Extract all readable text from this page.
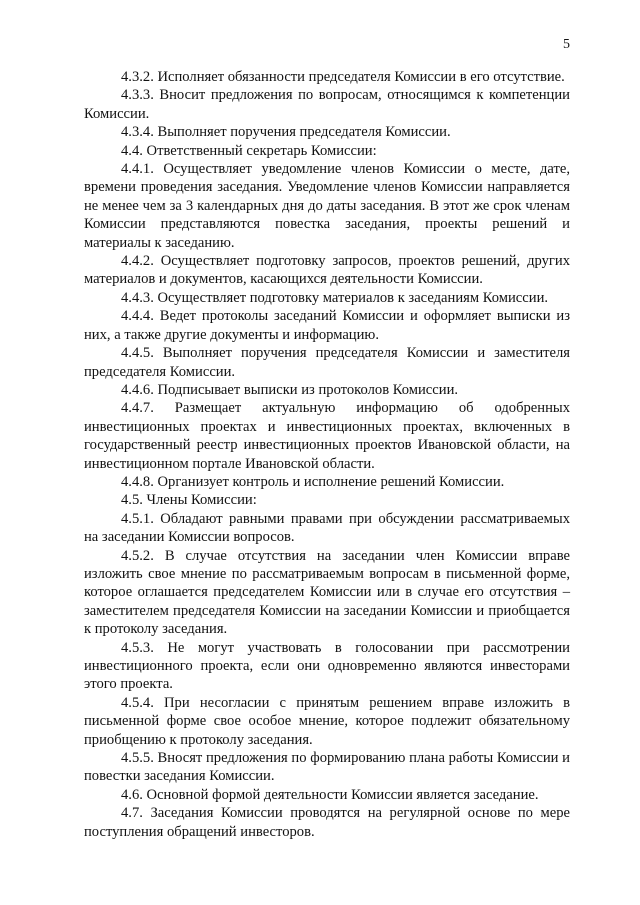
5

4.3.2. Исполняет обязанности председателя Комиссии в его отсутствие.

4.3.3. Вносит предложения по вопросам, относящимся к компетенции Комиссии.

4.3.4. Выполняет поручения председателя Комиссии.

4.4. Ответственный секретарь Комиссии:

4.4.1. Осуществляет уведомление членов Комиссии о месте, дате, времени проведения заседания. Уведомление членов Комиссии направляется не менее чем за 3 календарных дня до даты заседания. В этот же срок членам Комиссии представляются повестка заседания, проекты решений и материалы к заседанию.

4.4.2. Осуществляет подготовку запросов, проектов решений, других материалов и документов, касающихся деятельности Комиссии.

4.4.3. Осуществляет подготовку материалов к заседаниям Комиссии.

4.4.4. Ведет протоколы заседаний Комиссии и оформляет выписки из них, а также другие документы и информацию.

4.4.5. Выполняет поручения председателя Комиссии и заместителя председателя Комиссии.

4.4.6. Подписывает выписки из протоколов Комиссии.

4.4.7. Размещает актуальную информацию об одобренных инвестиционных проектах и инвестиционных проектах, включенных в государственный реестр инвестиционных проектов Ивановской области, на инвестиционном портале Ивановской области.

4.4.8. Организует контроль и исполнение решений Комиссии.

4.5. Члены Комиссии:

4.5.1. Обладают равными правами при обсуждении рассматриваемых на заседании Комиссии вопросов.

4.5.2. В случае отсутствия на заседании член Комиссии вправе изложить свое мнение по рассматриваемым вопросам в письменной форме, которое оглашается председателем Комиссии или в случае его отсутствия – заместителем председателя Комиссии на заседании Комиссии и приобщается к протоколу заседания.

4.5.3. Не могут участвовать в голосовании при рассмотрении инвестиционного проекта, если они одновременно являются инвесторами этого проекта.

4.5.4. При несогласии с принятым решением вправе изложить в письменной форме свое особое мнение, которое подлежит обязательному приобщению к протоколу заседания.

4.5.5. Вносят предложения по формированию плана работы Комиссии и повестки заседания Комиссии.

4.6. Основной формой деятельности Комиссии является заседание.

4.7. Заседания Комиссии проводятся на регулярной основе по мере поступления обращений инвесторов.
